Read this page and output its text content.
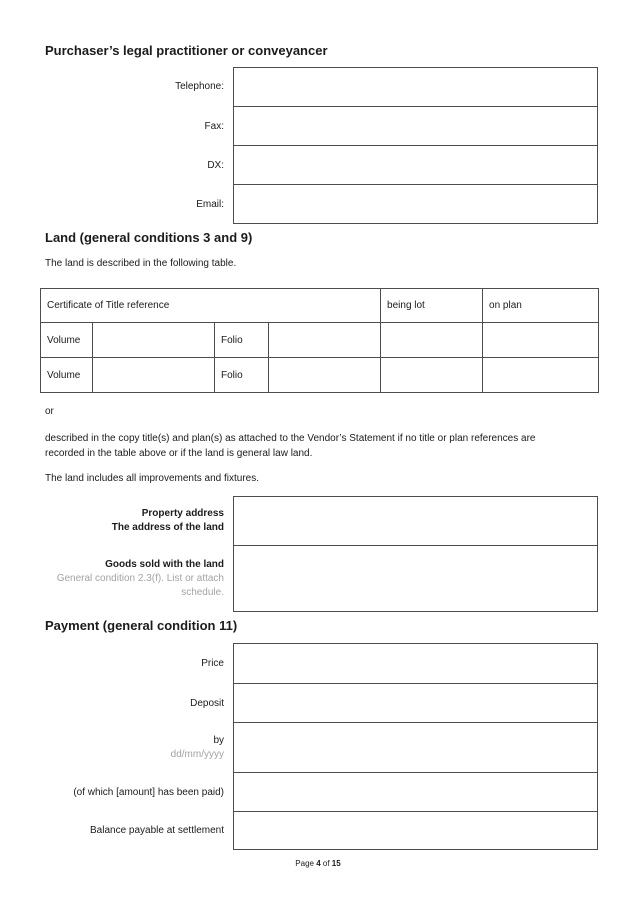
Purchaser’s legal practitioner or conveyancer
Telephone:
Fax:
DX:
Email:
Land (general conditions 3 and 9)
The land is described in the following table.
Certificate of Title reference				being lot	on plan
Volume		Folio			
Volume		Folio			
or
described in the copy title(s) and plan(s) as attached to the Vendor’s Statement if no title or plan references are
recorded in the table above or if the land is general law land.
The land includes all improvements and fixtures.
Property address
The address of the land
Goods sold with the land
General condition 2.3(f). List or attach
schedule.
Payment (general condition 11)
Price
Deposit
by
dd/mm/yyyy
(of which [amount] has been paid)
Balance payable at settlement
Page 4 of 15
